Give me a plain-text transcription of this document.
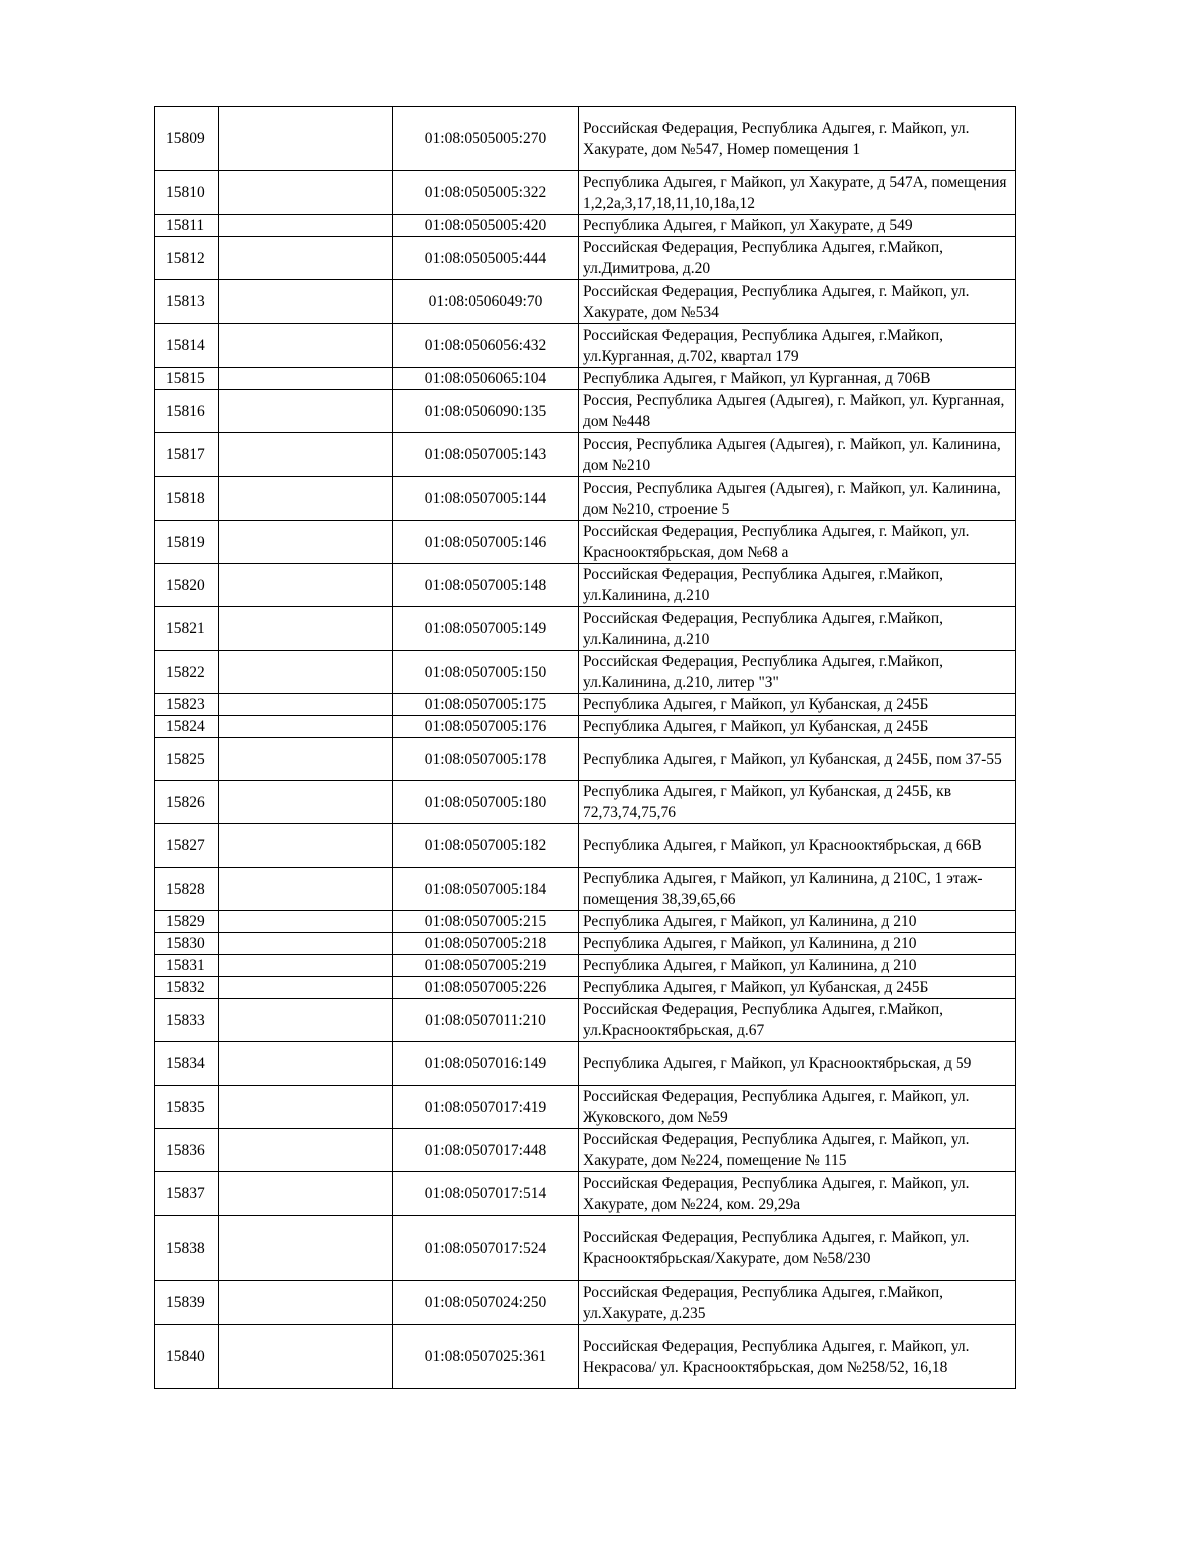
15809		01:08:0505005:270	Российская Федерация, Республика Адыгея, г. Майкоп, ул. Хакурате, дом №547, Номер помещения 1
15810		01:08:0505005:322	Республика Адыгея, г Майкоп, ул Хакурате, д 547А, помещения 1,2,2а,3,17,18,11,10,18а,12
15811		01:08:0505005:420	Республика Адыгея, г Майкоп, ул Хакурате, д 549
15812		01:08:0505005:444	Российская Федерация, Республика Адыгея, г.Майкоп, ул.Димитрова, д.20
15813		01:08:0506049:70	Российская Федерация, Республика Адыгея, г. Майкоп, ул. Хакурате, дом №534
15814		01:08:0506056:432	Российская Федерация, Республика Адыгея, г.Майкоп, ул.Курганная, д.702, квартал 179
15815		01:08:0506065:104	Республика Адыгея, г Майкоп, ул Курганная, д 706В
15816		01:08:0506090:135	Россия, Республика Адыгея (Адыгея), г. Майкоп, ул. Курганная, дом №448
15817		01:08:0507005:143	Россия, Республика Адыгея (Адыгея), г. Майкоп, ул. Калинина, дом №210
15818		01:08:0507005:144	Россия, Республика Адыгея (Адыгея), г. Майкоп, ул. Калинина, дом №210, строение 5
15819		01:08:0507005:146	Российская Федерация, Республика Адыгея, г. Майкоп, ул. Краснооктябрьская, дом №68 а
15820		01:08:0507005:148	Российская Федерация, Республика Адыгея, г.Майкоп, ул.Калинина, д.210
15821		01:08:0507005:149	Российская Федерация, Республика Адыгея, г.Майкоп, ул.Калинина, д.210
15822		01:08:0507005:150	Российская Федерация, Республика Адыгея, г.Майкоп, ул.Калинина, д.210, литер "З"
15823		01:08:0507005:175	Республика Адыгея, г Майкоп, ул Кубанская, д 245Б
15824		01:08:0507005:176	Республика Адыгея, г Майкоп, ул Кубанская, д 245Б
15825		01:08:0507005:178	Республика Адыгея, г Майкоп, ул Кубанская, д 245Б, пом 37-55
15826		01:08:0507005:180	Республика Адыгея, г Майкоп, ул Кубанская, д 245Б, кв 72,73,74,75,76
15827		01:08:0507005:182	Республика Адыгея, г Майкоп, ул Краснооктябрьская, д 66В
15828		01:08:0507005:184	Республика Адыгея, г Майкоп, ул Калинина, д 210С, 1 этаж-помещения 38,39,65,66
15829		01:08:0507005:215	Республика Адыгея, г Майкоп, ул Калинина, д 210
15830		01:08:0507005:218	Республика Адыгея, г Майкоп, ул Калинина, д 210
15831		01:08:0507005:219	Республика Адыгея, г Майкоп, ул Калинина, д 210
15832		01:08:0507005:226	Республика Адыгея, г Майкоп, ул Кубанская, д 245Б
15833		01:08:0507011:210	Российская Федерация, Республика Адыгея, г.Майкоп, ул.Краснооктябрьская, д.67
15834		01:08:0507016:149	Республика Адыгея, г Майкоп, ул Краснооктябрьская, д 59
15835		01:08:0507017:419	Российская Федерация, Республика Адыгея, г. Майкоп, ул. Жуковского, дом №59
15836		01:08:0507017:448	Российская Федерация, Республика Адыгея, г. Майкоп, ул. Хакурате, дом №224, помещение № 115
15837		01:08:0507017:514	Российская Федерация, Республика Адыгея, г. Майкоп, ул. Хакурате, дом №224, ком. 29,29а
15838		01:08:0507017:524	Российская Федерация, Республика Адыгея, г. Майкоп, ул. Краснооктябрьская/Хакурате, дом №58/230
15839		01:08:0507024:250	Российская Федерация, Республика Адыгея, г.Майкоп, ул.Хакурате, д.235
15840		01:08:0507025:361	Российская Федерация, Республика Адыгея, г. Майкоп, ул. Некрасова/ ул. Краснооктябрьская, дом №258/52, 16,18
